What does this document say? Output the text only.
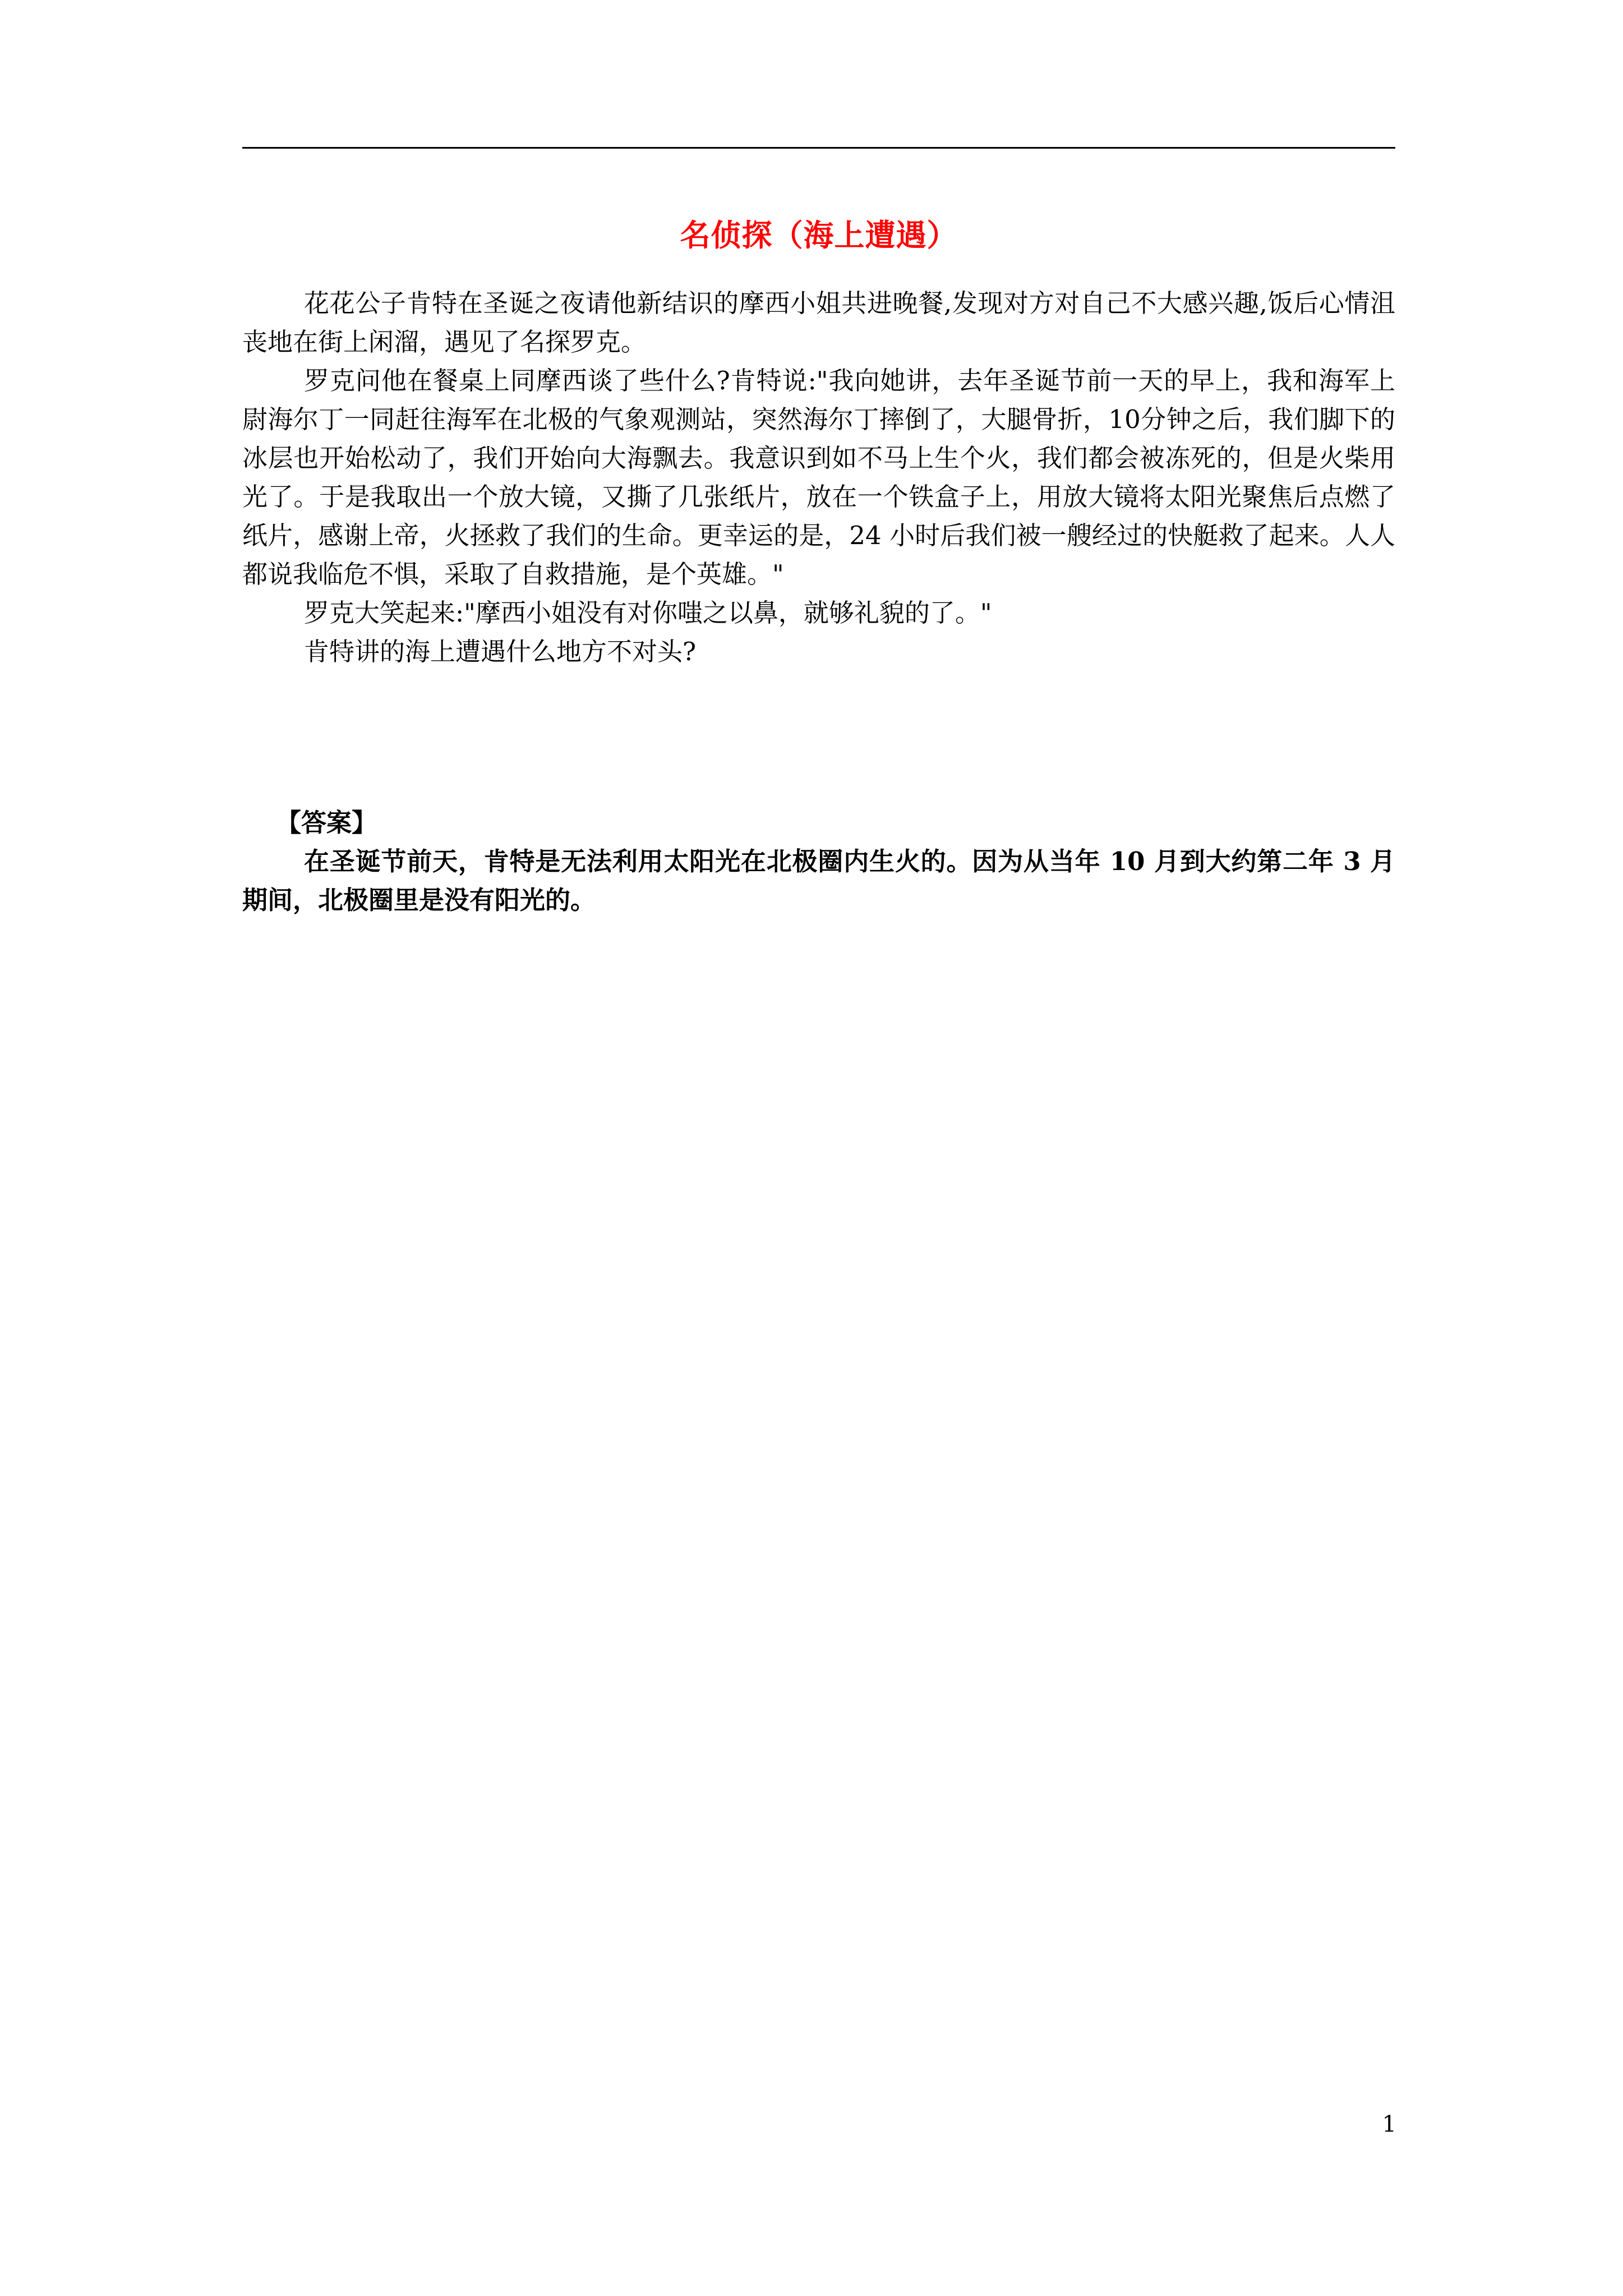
名侦探（海上遭遇）

花花公子肯特在圣诞之夜请他新结识的摩西小姐共进晚餐,发现对方对自己不大感兴趣,饭后心情沮丧地在街上闲溜，遇见了名探罗克。

罗克问他在餐桌上同摩西谈了些什么?肯特说:"我向她讲，去年圣诞节前一天的早上，我和海军上尉海尔丁一同赶往海军在北极的气象观测站，突然海尔丁摔倒了，大腿骨折，10分钟之后，我们脚下的冰层也开始松动了，我们开始向大海飘去。我意识到如不马上生个火，我们都会被冻死的，但是火柴用光了。于是我取出一个放大镜，又撕了几张纸片，放在一个铁盒子上，用放大镜将太阳光聚焦后点燃了纸片，感谢上帝，火拯救了我们的生命。更幸运的是，24 小时后我们被一艘经过的快艇救了起来。人人都说我临危不惧，采取了自救措施，是个英雄。"

罗克大笑起来:"摩西小姐没有对你嗤之以鼻，就够礼貌的了。"

肯特讲的海上遭遇什么地方不对头?

【答案】

在圣诞节前天，肯特是无法利用太阳光在北极圈内生火的。因为从当年 10 月到大约第二年 3 月期间，北极圈里是没有阳光的。

1
